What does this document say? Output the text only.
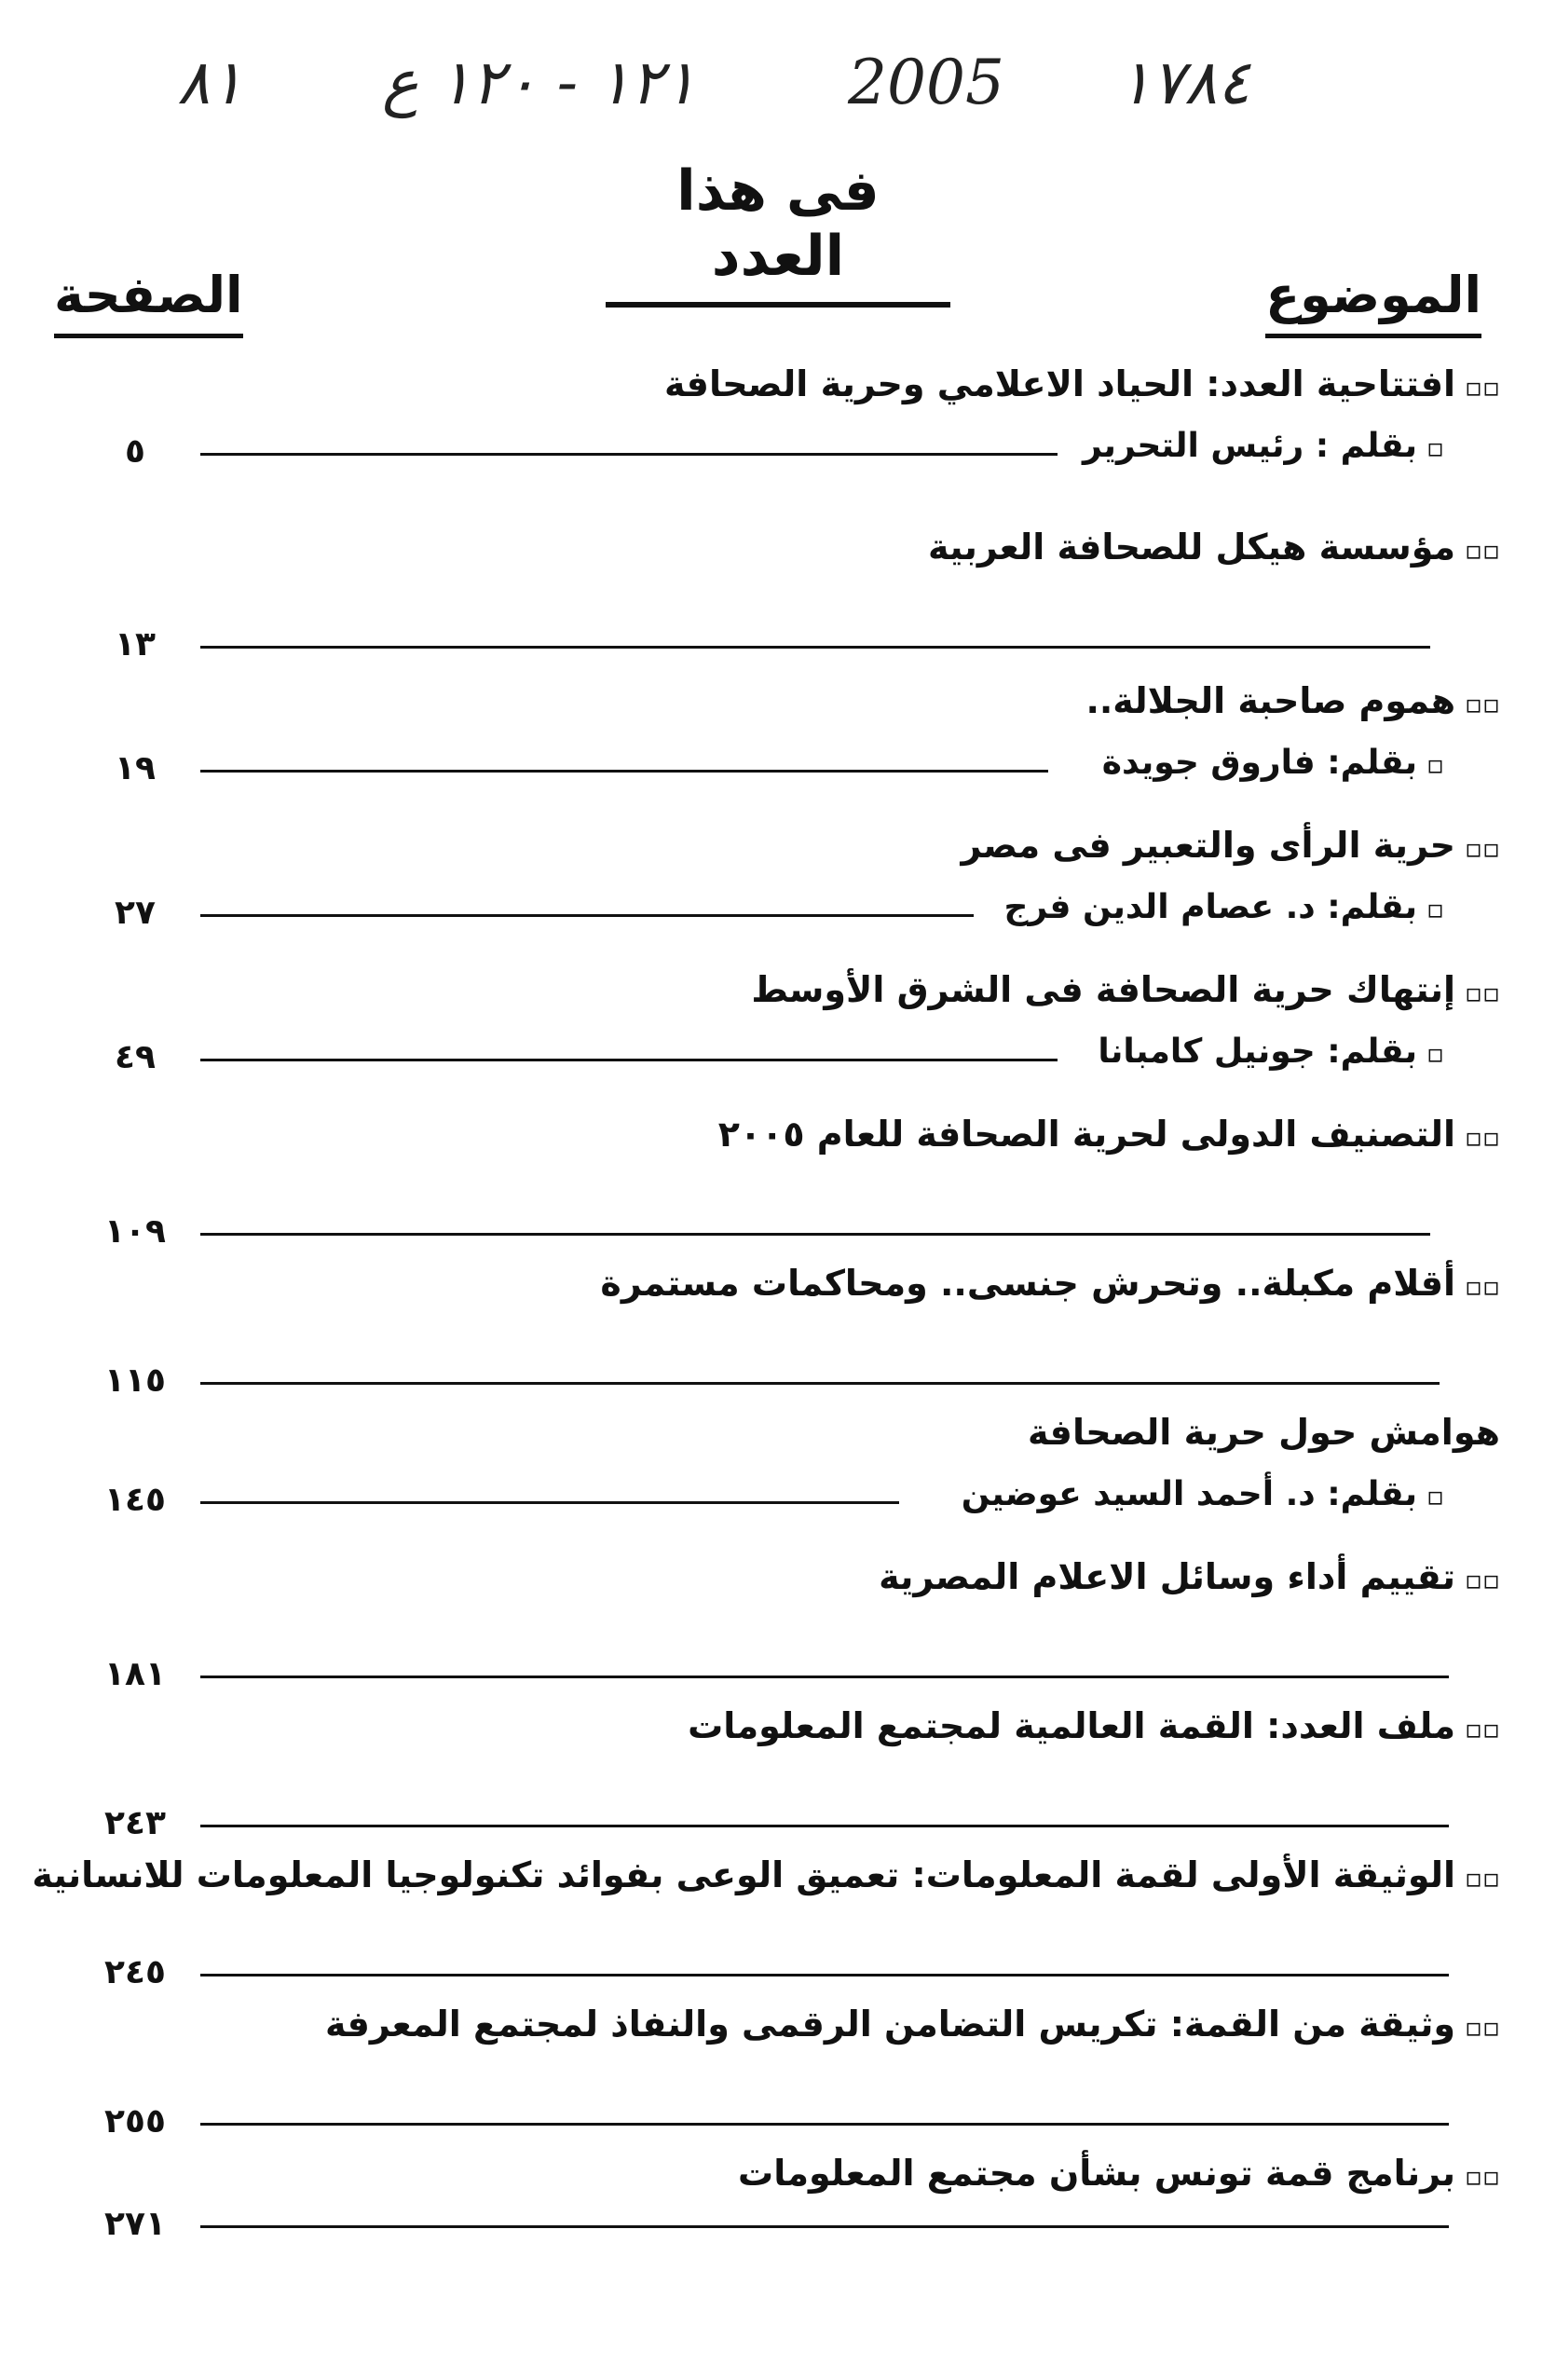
٨١ ١٢١ - ١٢٠ ع 2005 ١٧٨٤
فى هذا العدد
الموضوع
الصفحة
▫▫افتتاحية العدد: الحياد الاعلامي وحرية الصحافة
٥	▫بقلم : رئيس التحرير
▫▫مؤسسة هيكل للصحافة العربية
١٣
▫▫هموم صاحبة الجلالة..
١٩	▫بقلم: فاروق جويدة
▫▫حرية الرأى والتعبير فى مصر
٢٧	▫بقلم: د. عصام الدين فرج
▫▫إنتهاك حرية الصحافة فى الشرق الأوسط
٤٩	▫بقلم: جونيل كامبانا
▫▫التصنيف الدولى لحرية الصحافة للعام ٢٠٠٥
١٠٩
▫▫أقلام مكبلة.. وتحرش جنسى.. ومحاكمات مستمرة
١١٥
هوامش حول حرية الصحافة
١٤٥	▫بقلم: د. أحمد السيد عوضين
▫▫تقييم أداء وسائل الاعلام المصرية
١٨١
▫▫ملف العدد: القمة العالمية لمجتمع المعلومات
٢٤٣
▫▫الوثيقة الأولى لقمة المعلومات: تعميق الوعى بفوائد تكنولوجيا المعلومات للانسانية
٢٤٥
▫▫وثيقة من القمة: تكريس التضامن الرقمى والنفاذ لمجتمع المعرفة
٢٥٥
▫▫برنامج قمة تونس بشأن مجتمع المعلومات
٢٧١
